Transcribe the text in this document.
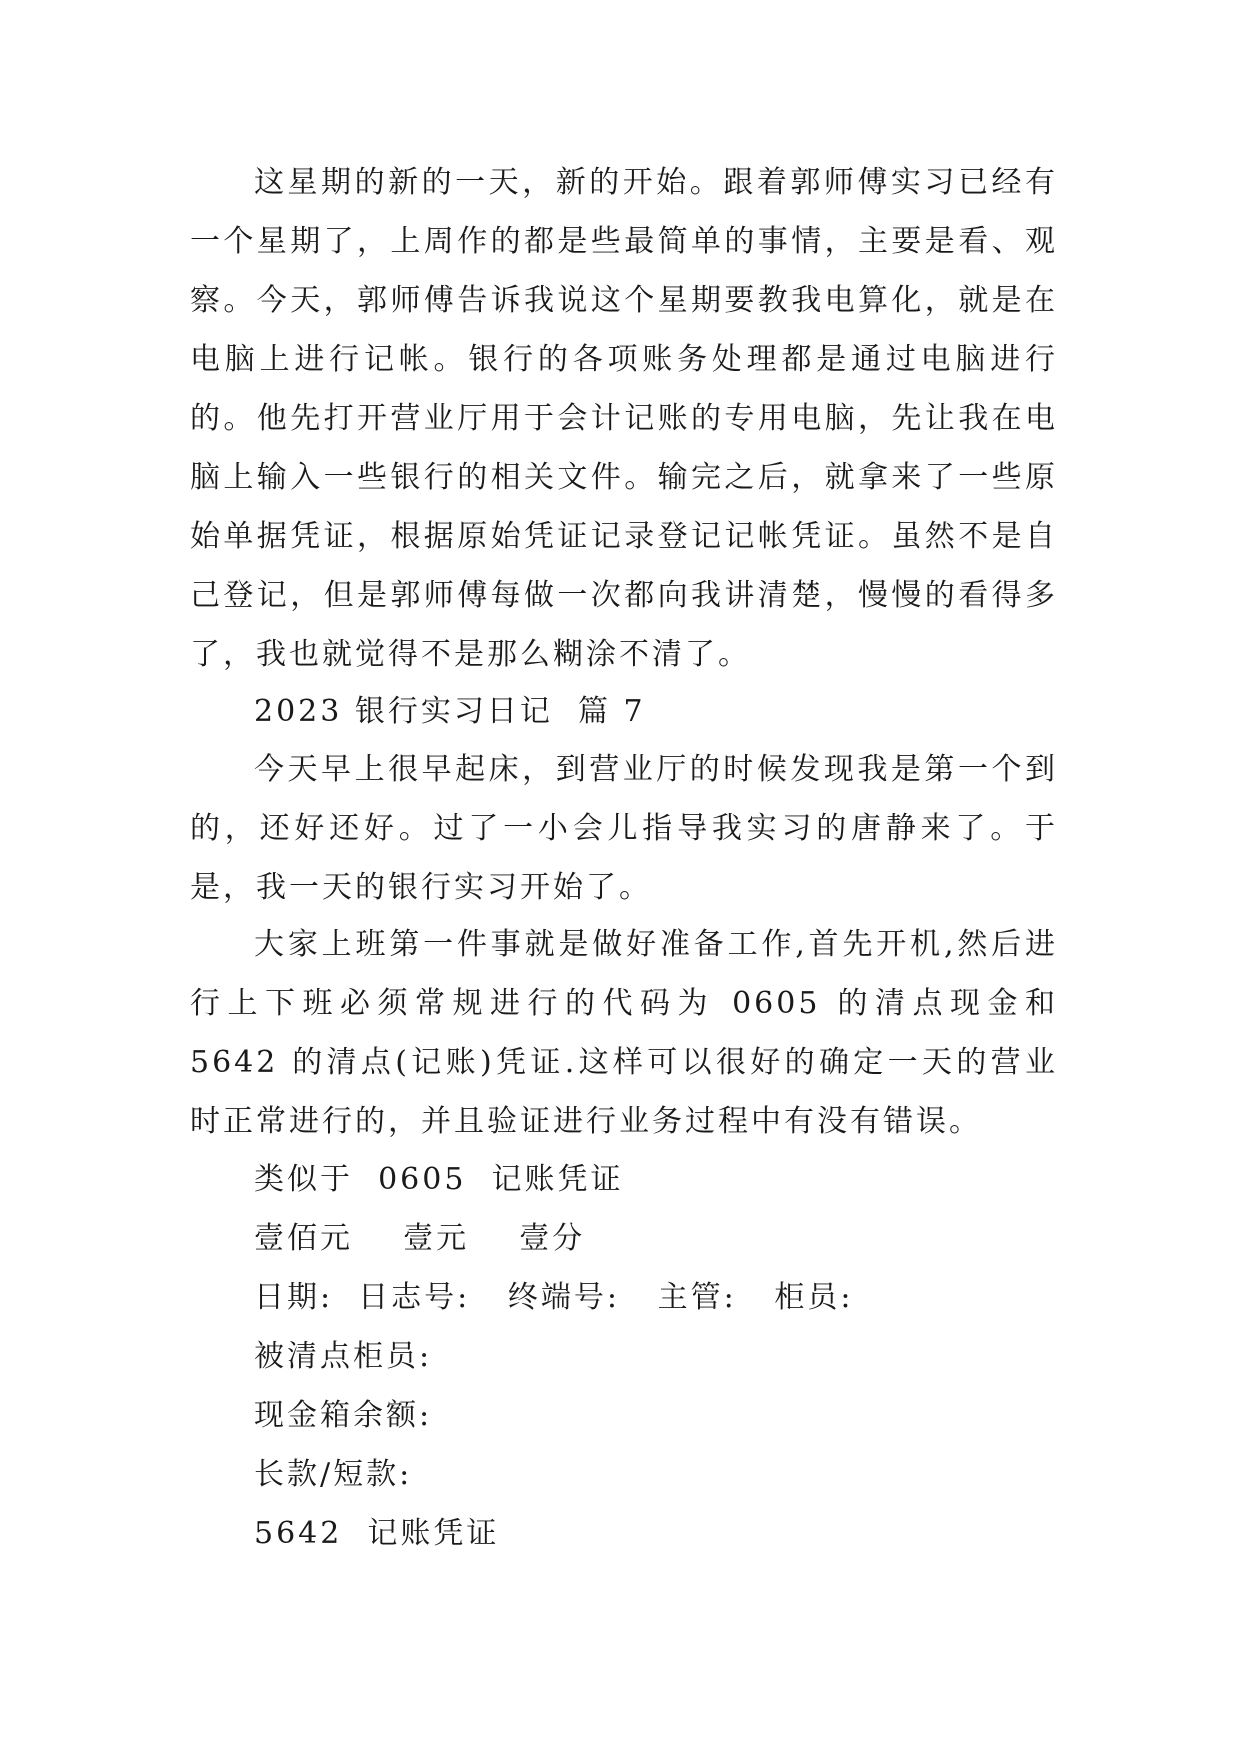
这星期的新的一天，新的开始。跟着郭师傅实习已经有一个星期了，上周作的都是些最简单的事情，主要是看、观察。今天，郭师傅告诉我说这个星期要教我电算化，就是在电脑上进行记帐。银行的各项账务处理都是通过电脑进行的。他先打开营业厅用于会计记账的专用电脑，先让我在电脑上输入一些银行的相关文件。输完之后，就拿来了一些原始单据凭证，根据原始凭证记录登记记帐凭证。虽然不是自己登记，但是郭师傅每做一次都向我讲清楚，慢慢的看得多了，我也就觉得不是那么糊涂不清了。

2023 银行实习日记  篇 7

今天早上很早起床，到营业厅的时候发现我是第一个到的，还好还好。过了一小会儿指导我实习的唐静来了。于是，我一天的银行实习开始了。

大家上班第一件事就是做好准备工作,首先开机,然后进行上下班必须常规进行的代码为 0605 的清点现金和 5642 的清点(记账)凭证.这样可以很好的确定一天的营业时正常进行的，并且验证进行业务过程中有没有错误。

类似于  0605  记账凭证

壹佰元    壹元    壹分

日期:  日志号:   终端号:   主管:   柜员:

被清点柜员:

现金箱余额:

长款/短款:

5642  记账凭证
